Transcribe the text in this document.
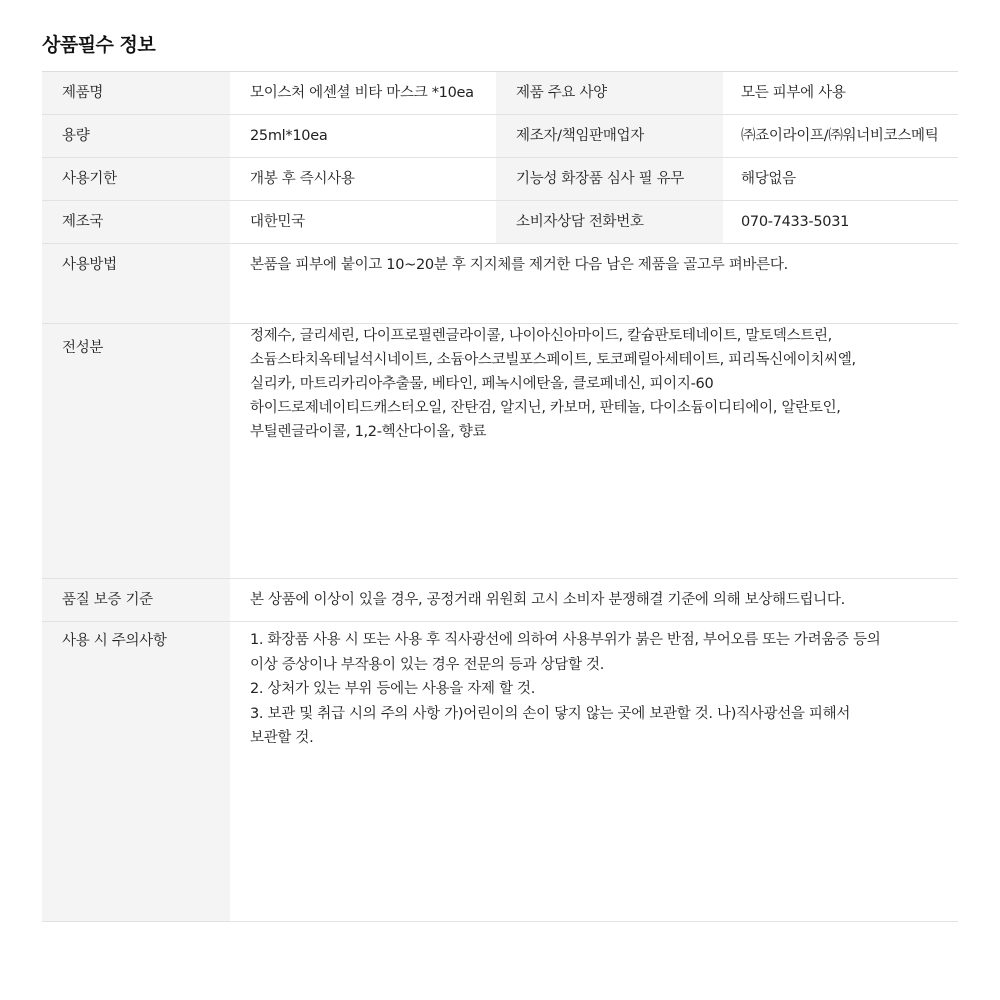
상품필수 정보
제품명	모이스처 에센셜 비타 마스크 *10ea	제품 주요 사양	모든 피부에 사용
용량	25ml*10ea	제조자/책임판매업자	㈜죠이라이프/㈜워너비코스메틱
사용기한	개봉 후 즉시사용	기능성 화장품 심사 필 유무	해당없음
제조국	대한민국	소비자상담 전화번호	070-7433-5031
사용방법	본품을 피부에 붙이고 10~20분 후 지지체를 제거한 다음 남은 제품을 골고루 펴바른다.
전성분
정제수, 글리세린, 다이프로필렌글라이콜, 나이아신아마이드, 칼슘판토테네이트, 말토덱스트린,
소듐스타치옥테닐석시네이트, 소듐아스코빌포스페이트, 토코페릴아세테이트, 피리독신에이치씨엘,
실리카, 마트리카리아추출물, 베타인, 페녹시에탄올, 클로페네신, 피이지-60
하이드로제네이티드캐스터오일, 잔탄검, 알지닌, 카보머, 판테놀, 다이소듐이디티에이, 알란토인,
부틸렌글라이콜, 1,2-헥산다이올, 향료
품질 보증 기준	본 상품에 이상이 있을 경우, 공정거래 위원회 고시 소비자 분쟁해결 기준에 의해 보상해드립니다.
사용 시 주의사항	1. 화장품 사용 시 또는 사용 후 직사광선에 의하여 사용부위가 붉은 반점, 부어오름 또는 가려움증 등의
이상 증상이나 부작용이 있는 경우 전문의 등과 상담할 것.
2. 상처가 있는 부위 등에는 사용을 자제 할 것.
3. 보관 및 취급 시의 주의 사항 가)어린이의 손이 닿지 않는 곳에 보관할 것. 나)직사광선을 피해서
보관할 것.
